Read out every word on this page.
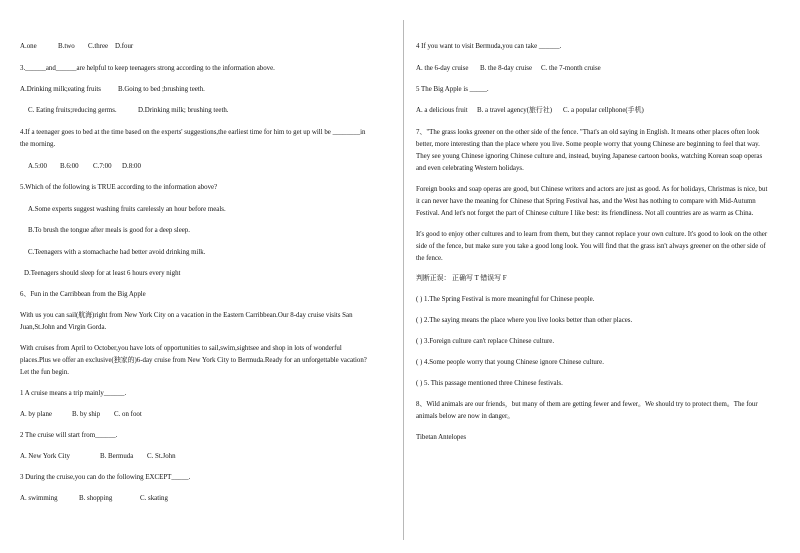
A.one	B.two C.three D.four
3.______and______are helpful to keep teenagers strong according to the information above.
A.Drinking milk;eating fruits B.Going to bed ;brushing teeth.
C. Eating fruits;reducing germs.	D.Drinking milk; brushing teeth.
4.If a teenager goes to bed at the time based on the experts' suggestions,the earliest time for him to get up will be ________in
the morning.
A.5:00 B.6:00 C.7:00 D.8:00
5.Which of the following is TRUE according to the information above?
A.Some experts suggest washing fruits carelessly an hour before meals.
B.To brush the tongue after meals is good for a deep sleep.
C.Teenagers with a stomachache had better avoid drinking milk.
D.Teenagers should sleep for at least 6 hours every night
6、Fun in the Carribbean from the Big Apple
With us you can sail(航海)right from New York City on a vacation in the Eastern Carribbean.Our 8-day cruise visits San
Juan,St.John and Virgin Gorda.
With cruises from April to October,you have lots of opportunities to sail,swim,sightsee and shop in lots of wonderful
places.Plus we offer an exclusive(独家的)6-day cruise from New York City to Bermuda.Ready for an unforgettable vacation?
Let the fun begin.
1 A cruise means a trip mainly______.
A. by plane	B. by ship C. on foot
2 The cruise will start from______.
A. New York City	B. Bermuda C. St.John
3 During the cruise,you can do the following EXCEPT_____.
A. swimming	B. shopping	C. skating
4 If you want to visit Bermuda,you can take ______.
A. the 6-day cruise B. the 8-day cruise C. the 7-month cruise
5 The Big Apple is _____.
A. a delicious fruit B. a travel agency(旅行社) C. a popular cellphone(手机)
7、"The grass looks greener on the other side of the fence. "That's an old saying in English. It means other places often look
better, more interesting than the place where you live. Some people worry that young Chinese are beginning to feel that way.
They see young Chinese ignoring Chinese culture and, instead, buying Japanese cartoon books, watching Korean soap operas
and even celebrating Western holidays.
Foreign books and soap operas are good, but Chinese writers and actors are just as good. As for holidays, Christmas is nice, but
it can never have the meaning for Chinese that Spring Festival has, and the West has nothing to compare with Mid-Autumn
Festival. And let's not forget the part of Chinese culture I like best: its friendliness. Not all countries are as warm as China.
It's good to enjoy other cultures and to learn from them, but they cannot replace your own culture. It's good to look on the other
side of the fence, but make sure you take a good long look. You will find that the grass isn't always greener on the other side of
the fence.
判断正误： 正确写 T 错误写 F
( ) 1.The Spring Festival is more meaningful for Chinese people.
( ) 2.The saying means the place where you live looks better than other places.
( ) 3.Foreign culture can't replace Chinese culture.
( ) 4.Some people worry that young Chinese ignore Chinese culture.
( ) 5. This passage mentioned three Chinese festivals.
8、Wild animals are our friends，but many of them are getting fewer and fewer。We should try to protect them。The four
animals below are now in danger。
Tibetan Antelopes
